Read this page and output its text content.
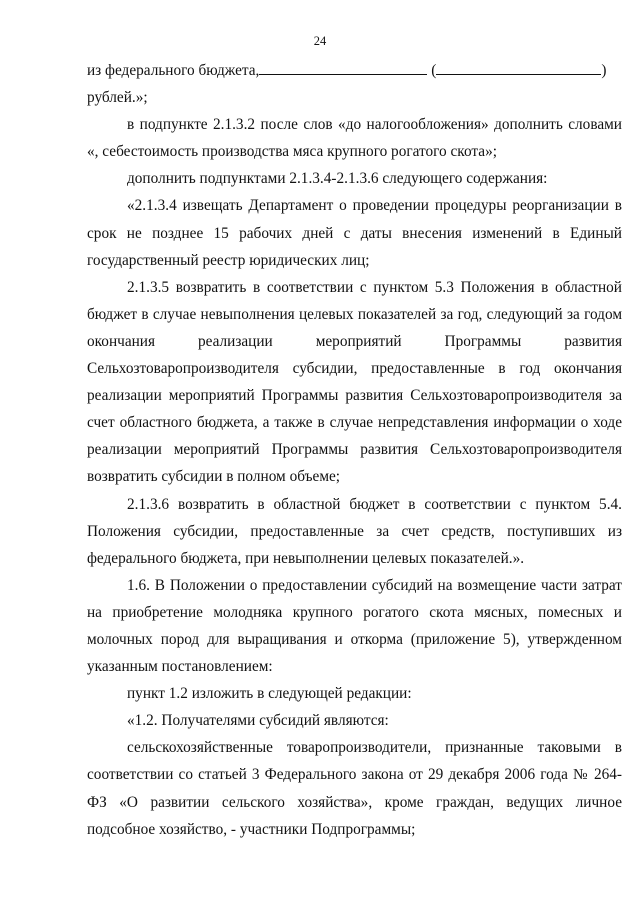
24

из федерального бюджета,	(	)

рублей.»;

в подпункте 2.1.3.2 после слов «до налогообложения» дополнить словами «, себестоимость производства мяса крупного рогатого скота»;

дополнить подпунктами 2.1.3.4-2.1.3.6 следующего содержания:

«2.1.3.4 извещать Департамент о проведении процедуры реорганизации в срок не позднее 15 рабочих дней с даты внесения изменений в Единый государственный реестр юридических лиц;

2.1.3.5 возвратить в соответствии с пунктом 5.3 Положения в областной бюджет в случае невыполнения целевых показателей за год, следующий за годом окончания реализации мероприятий Программы развития Сельхозтоваропроизводителя субсидии, предоставленные в год окончания реализации мероприятий Программы развития Сельхозтоваропроизводителя за счет областного бюджета, а также в случае непредставления информации о ходе реализации мероприятий Программы развития Сельхозтоваропроизводителя возвратить субсидии в полном объеме;

2.1.3.6 возвратить в областной бюджет в соответствии с пунктом 5.4. Положения субсидии, предоставленные за счет средств, поступивших из федерального бюджета, при невыполнении целевых показателей.».

1.6. В Положении о предоставлении субсидий на возмещение части затрат на приобретение молодняка крупного рогатого скота мясных, помесных и молочных пород для выращивания и откорма (приложение 5), утвержденном указанным постановлением:

пункт 1.2 изложить в следующей редакции:

«1.2. Получателями субсидий являются:

сельскохозяйственные товаропроизводители, признанные таковыми в соответствии со статьей 3 Федерального закона от 29 декабря 2006 года № 264-ФЗ «О развитии сельского хозяйства», кроме граждан, ведущих личное подсобное хозяйство, - участники Подпрограммы;
